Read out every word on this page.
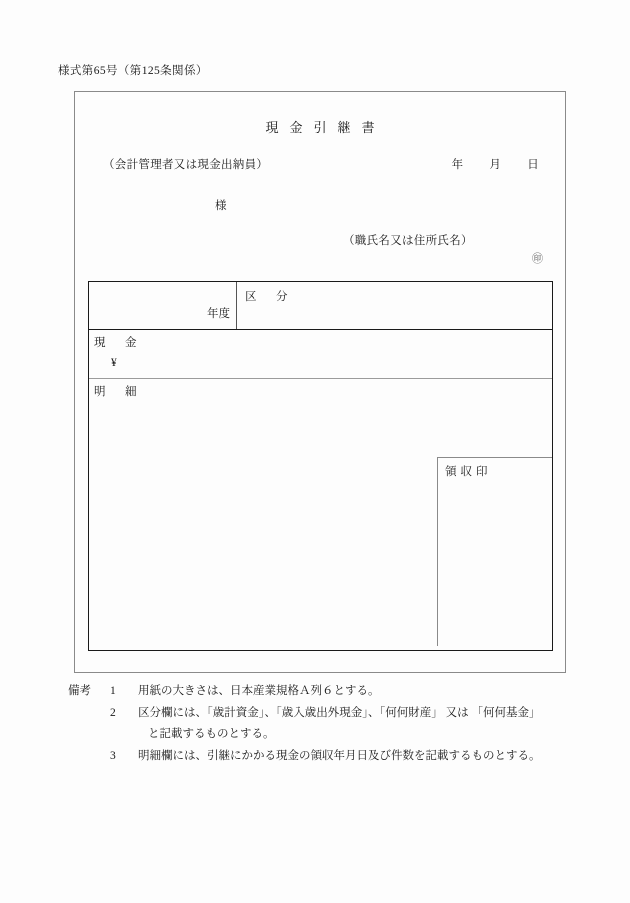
様式第65号（第125条関係）
現金引継書
（会計管理者又は現金出納員）	年 月 日
様
（職氏名又は住所氏名）
㊞
年度
区　分
現　金
¥
明　細
領収印
備考	1	用紙の大きさは、日本産業規格Ａ列６とする。
2	区分欄には、「歳計資金」、「歳入歳出外現金」、「何何財産」 又は 「何何基金」
と記載するものとする。
3	明細欄には、引継にかかる現金の領収年月日及び件数を記載するものとする。
